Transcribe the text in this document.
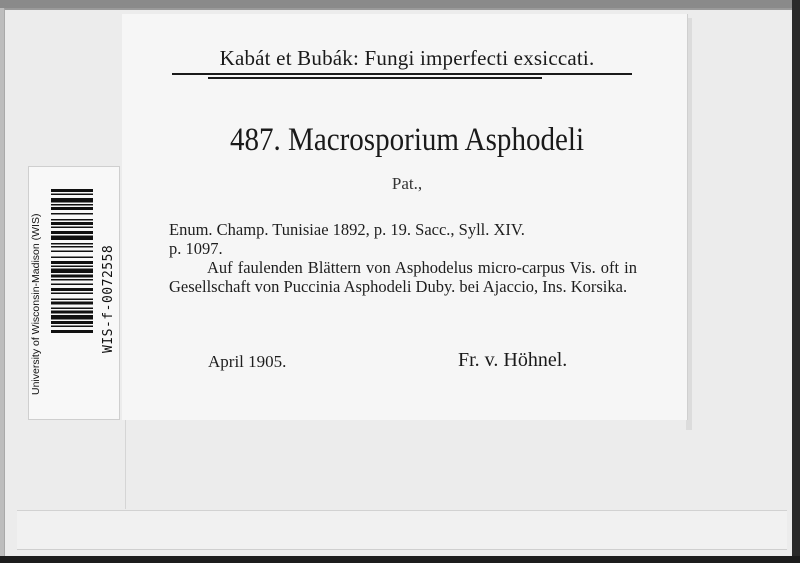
Kabát et Bubák: Fungi imperfecti exsiccati.
487. Macrosporium Asphodeli
Pat.,
Enum. Champ. Tunisiae 1892, p. 19. Sacc., Syll. XIV.
p. 1097.
Auf faulenden Blättern von Asphodelus micro-carpus Vis. oft in Gesellschaft von Puccinia Asphodeli Duby. bei Ajaccio, Ins. Korsika.
April 1905.	Fr. v. Höhnel.
University of Wisconsin-Madison (WIS)	WIS-f-0072558
